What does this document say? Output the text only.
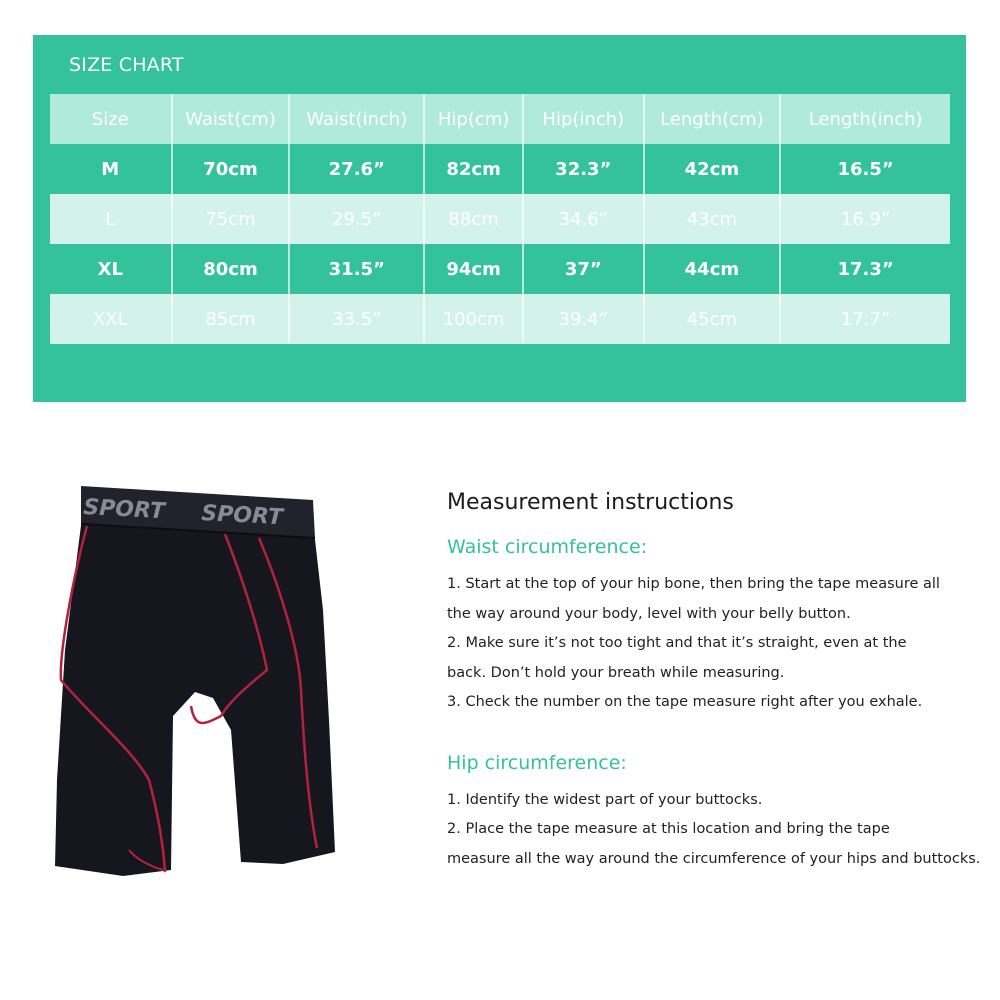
SIZE CHART
Size	Waist(cm)	Waist(inch)	Hip(cm)	Hip(inch)	Length(cm)	Length(inch)
M	70cm	27.6”	82cm	32.3”	42cm	16.5”
L	75cm	29.5”	88cm	34.6”	43cm	16.9”
XL	80cm	31.5”	94cm	37”	44cm	17.3”
XXL	85cm	33.5”	100cm	39.4”	45cm	17.7”
SPORT SPORT	Measurement instructions
Waist circumference:
1. Start at the top of your hip bone, then bring the tape measure all
the way around your body, level with your belly button.
2. Make sure it’s not too tight and that it’s straight, even at the
back. Don’t hold your breath while measuring.
3. Check the number on the tape measure right after you exhale.
Hip circumference:
1. Identify the widest part of your buttocks.
2. Place the tape measure at this location and bring the tape
measure all the way around the circumference of your hips and buttocks.
